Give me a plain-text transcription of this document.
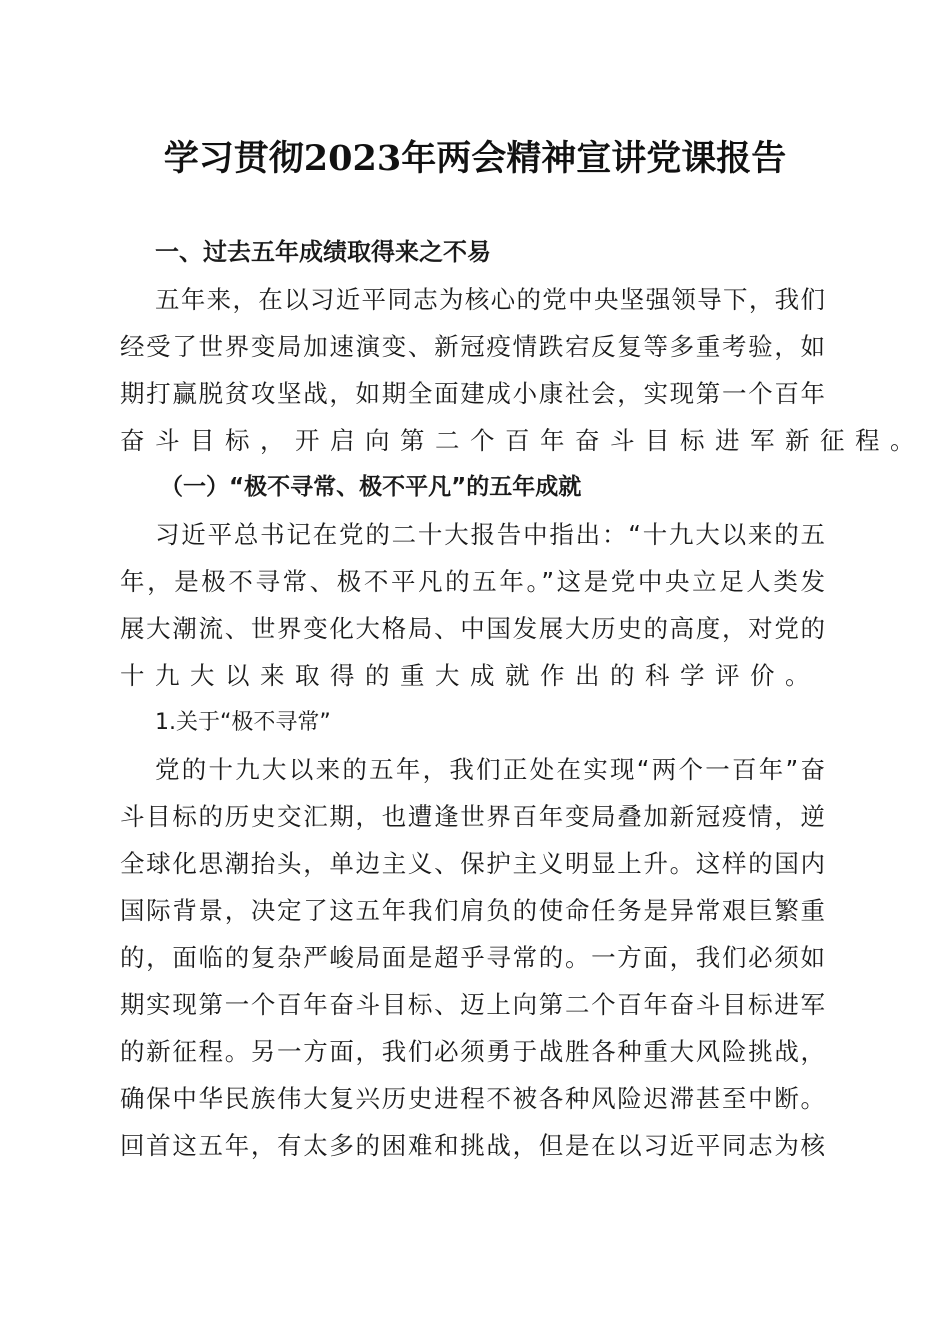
学习贯彻2023年两会精神宣讲党课报告
一、过去五年成绩取得来之不易
五年来，在以习近平同志为核心的党中央坚强领导下，我们
经受了世界变局加速演变、新冠疫情跌宕反复等多重考验，如
期打赢脱贫攻坚战，如期全面建成小康社会，实现第一个百年
奋斗目标，开启向第二个百年奋斗目标进军新征程。
（一）“极不寻常、极不平凡”的五年成就
习近平总书记在党的二十大报告中指出：“十九大以来的五
年，是极不寻常、极不平凡的五年。”这是党中央立足人类发
展大潮流、世界变化大格局、中国发展大历史的高度，对党的
十九大以来取得的重大成就作出的科学评价。
1.关于“极不寻常”
党的十九大以来的五年，我们正处在实现“两个一百年”奋
斗目标的历史交汇期，也遭逢世界百年变局叠加新冠疫情，逆
全球化思潮抬头，单边主义、保护主义明显上升。这样的国内
国际背景，决定了这五年我们肩负的使命任务是异常艰巨繁重
的，面临的复杂严峻局面是超乎寻常的。一方面，我们必须如
期实现第一个百年奋斗目标、迈上向第二个百年奋斗目标进军
的新征程。另一方面，我们必须勇于战胜各种重大风险挑战，
确保中华民族伟大复兴历史进程不被各种风险迟滞甚至中断。
回首这五年，有太多的困难和挑战，但是在以习近平同志为核
